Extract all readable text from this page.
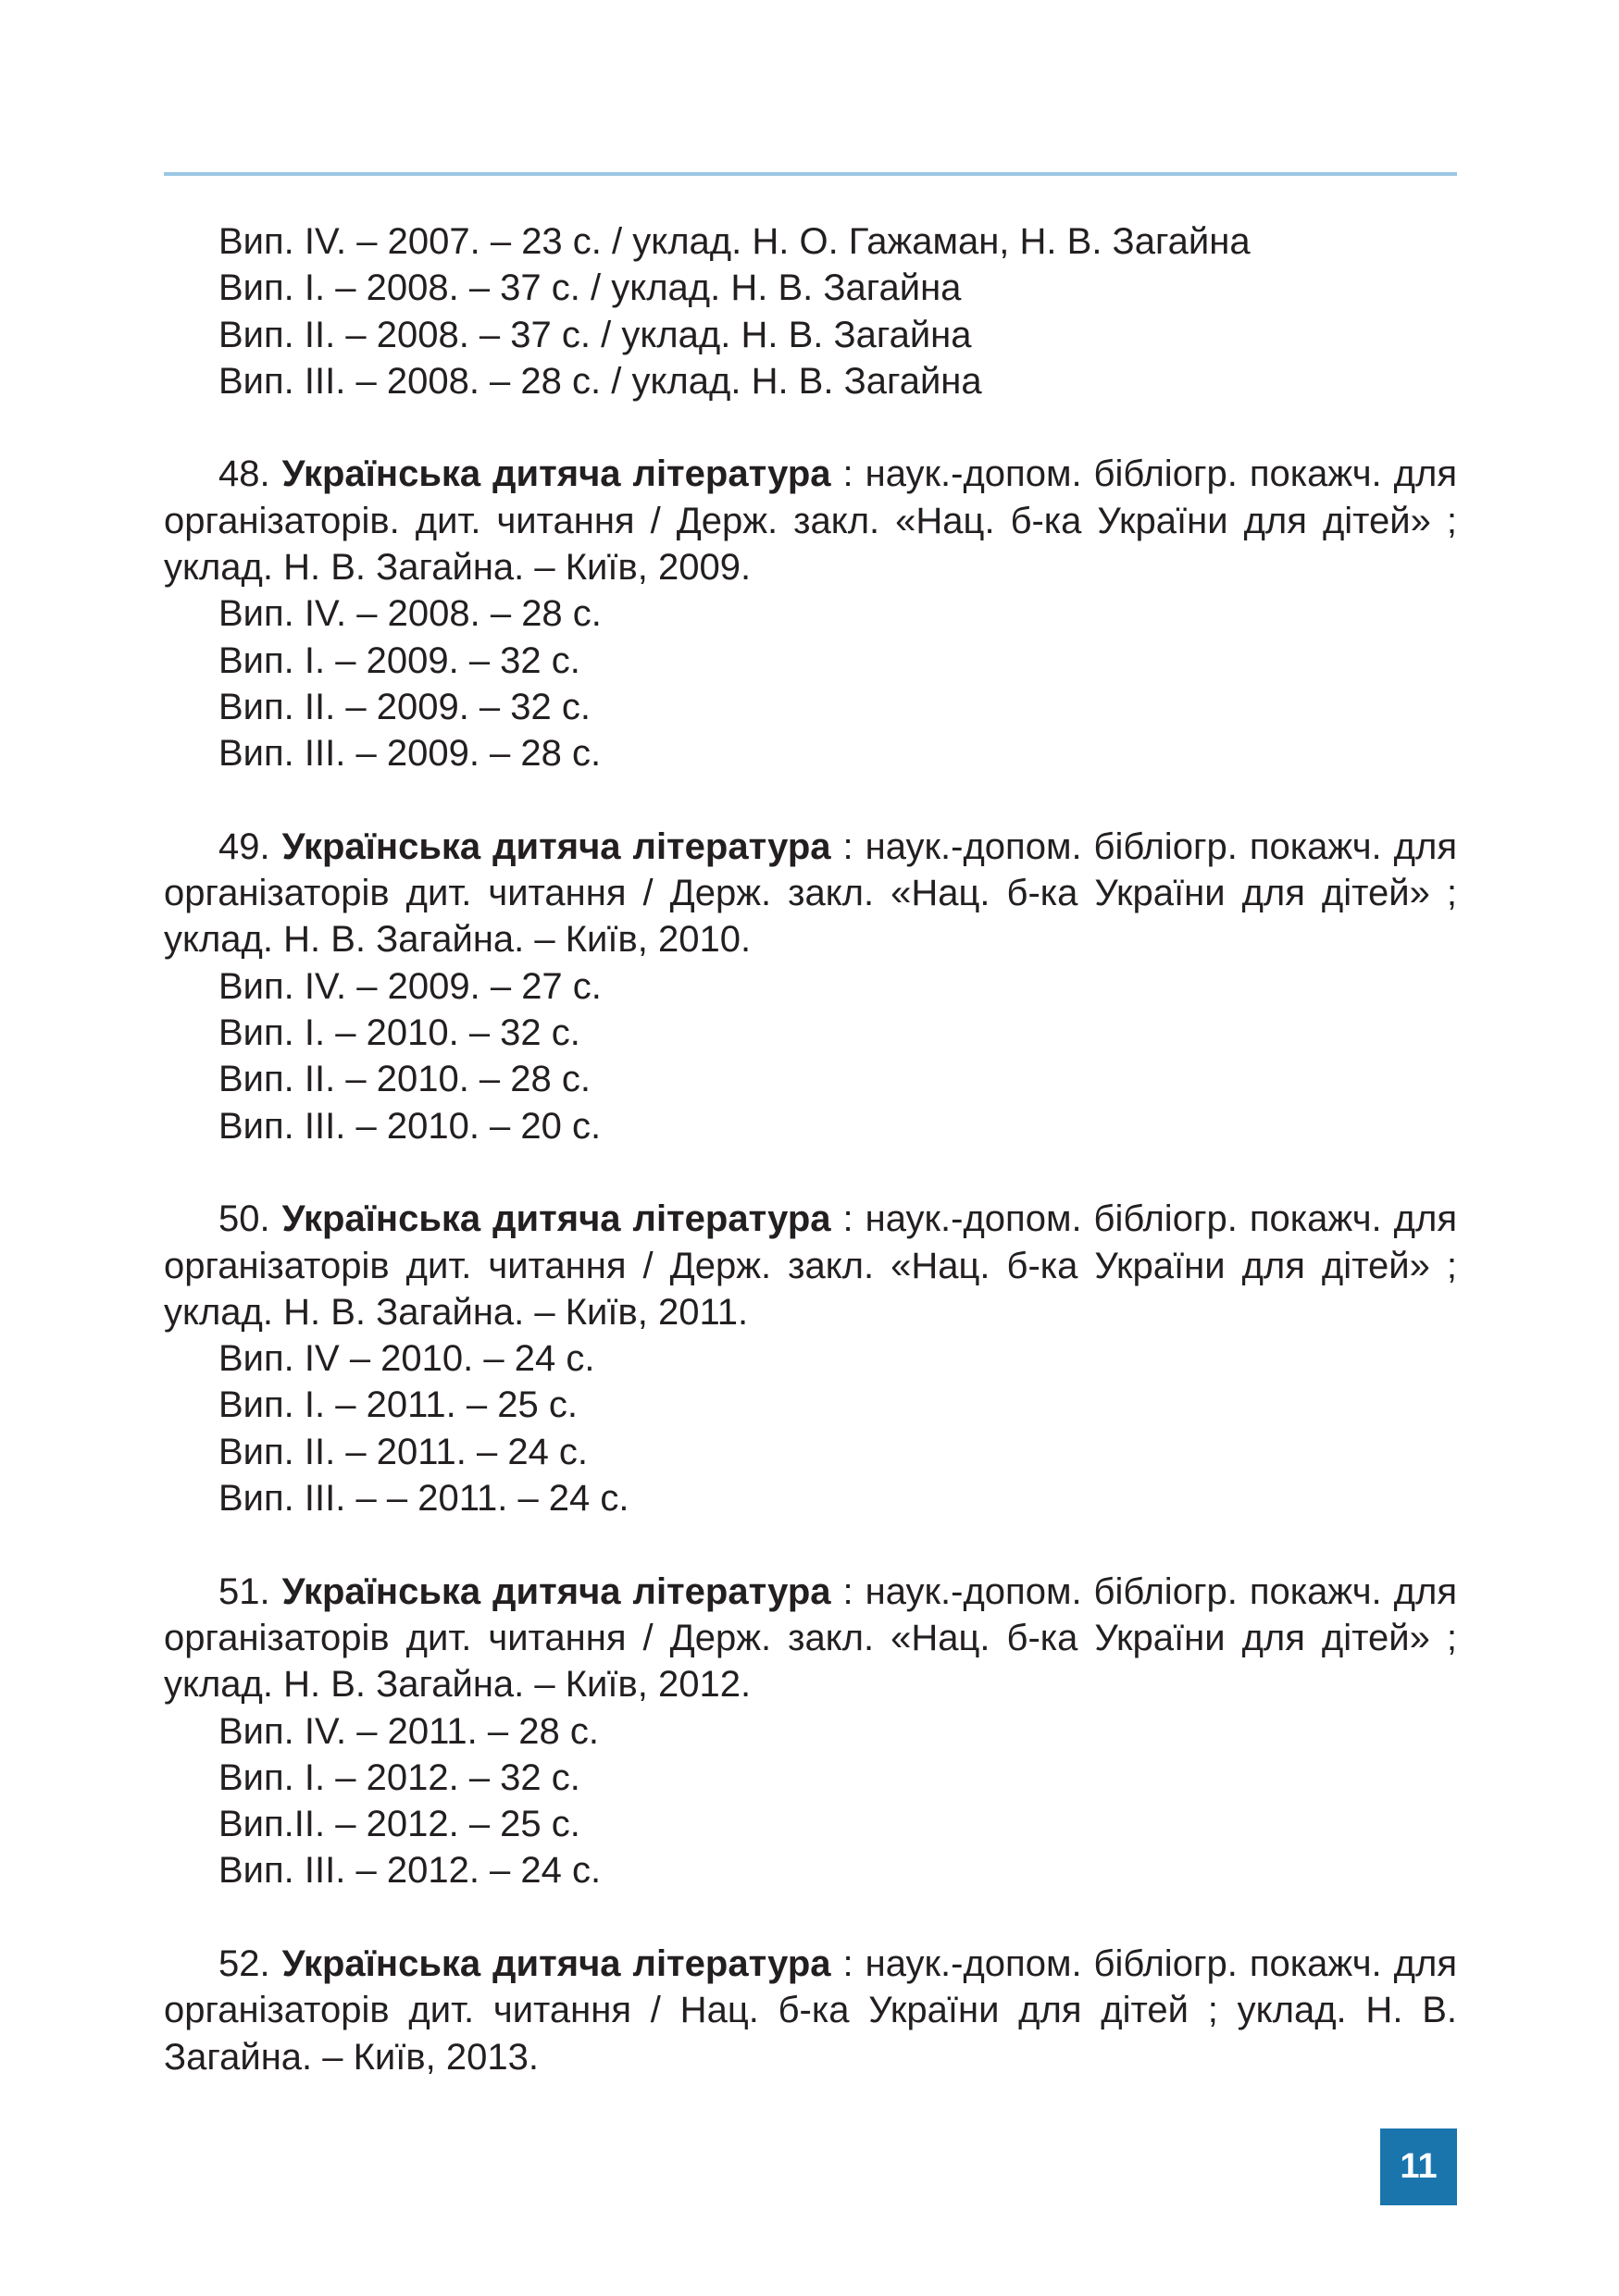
Вип. IV. – 2007. – 23 с. / уклад. Н. О. Гажаман, Н. В. Загайна

Вип. I. – 2008. – 37 с. / уклад. Н. В. Загайна

Вип. II. – 2008. – 37 с. / уклад. Н. В. Загайна

Вип. III. – 2008. – 28 с. / уклад. Н. В. Загайна

48. Українська дитяча література : наук.-допом. бібліогр. покажч. для організаторів. дит. читання / Держ. закл. «Нац. б-ка України для дітей» ; уклад. Н. В. Загайна. – Київ, 2009.

Вип. IV. – 2008. – 28 с.

Вип. I. – 2009. – 32 с.

Вип. II. – 2009. – 32 с.

Вип. III. – 2009. – 28 с.

49. Українська дитяча література : наук.-допом. бібліогр. покажч. для організаторів дит. читання / Держ. закл. «Нац. б-ка України для дітей» ; уклад. Н. В. Загайна. – Київ, 2010.

Вип. IV. – 2009. – 27 с.

Вип. I. – 2010. – 32 с.

Вип. II. – 2010. – 28 с.

Вип. III. – 2010. – 20 с.

50. Українська дитяча література : наук.-допом. бібліогр. покажч. для організаторів дит. читання / Держ. закл. «Нац. б-ка України для дітей» ; уклад. Н. В. Загайна. – Київ, 2011.

Вип. IV – 2010. – 24 с.

Вип. I. – 2011. – 25 с.

Вип. II. – 2011. – 24 с.

Вип. III. – – 2011. – 24 с.

51. Українська дитяча література : наук.-допом. бібліогр. покажч. для організаторів дит. читання / Держ. закл. «Нац. б-ка України для дітей» ; уклад. Н. В. Загайна. – Київ, 2012.

Вип. IV. – 2011. – 28 с.

Вип. I. – 2012. – 32 с.

Вип.II. – 2012. – 25 с.

Вип. III. – 2012. – 24 с.

52. Українська дитяча література : наук.-допом. бібліогр. покажч. для організаторів дит. читання / Нац. б-ка України для дітей ; уклад. Н. В. Загайна. – Київ, 2013.

11
